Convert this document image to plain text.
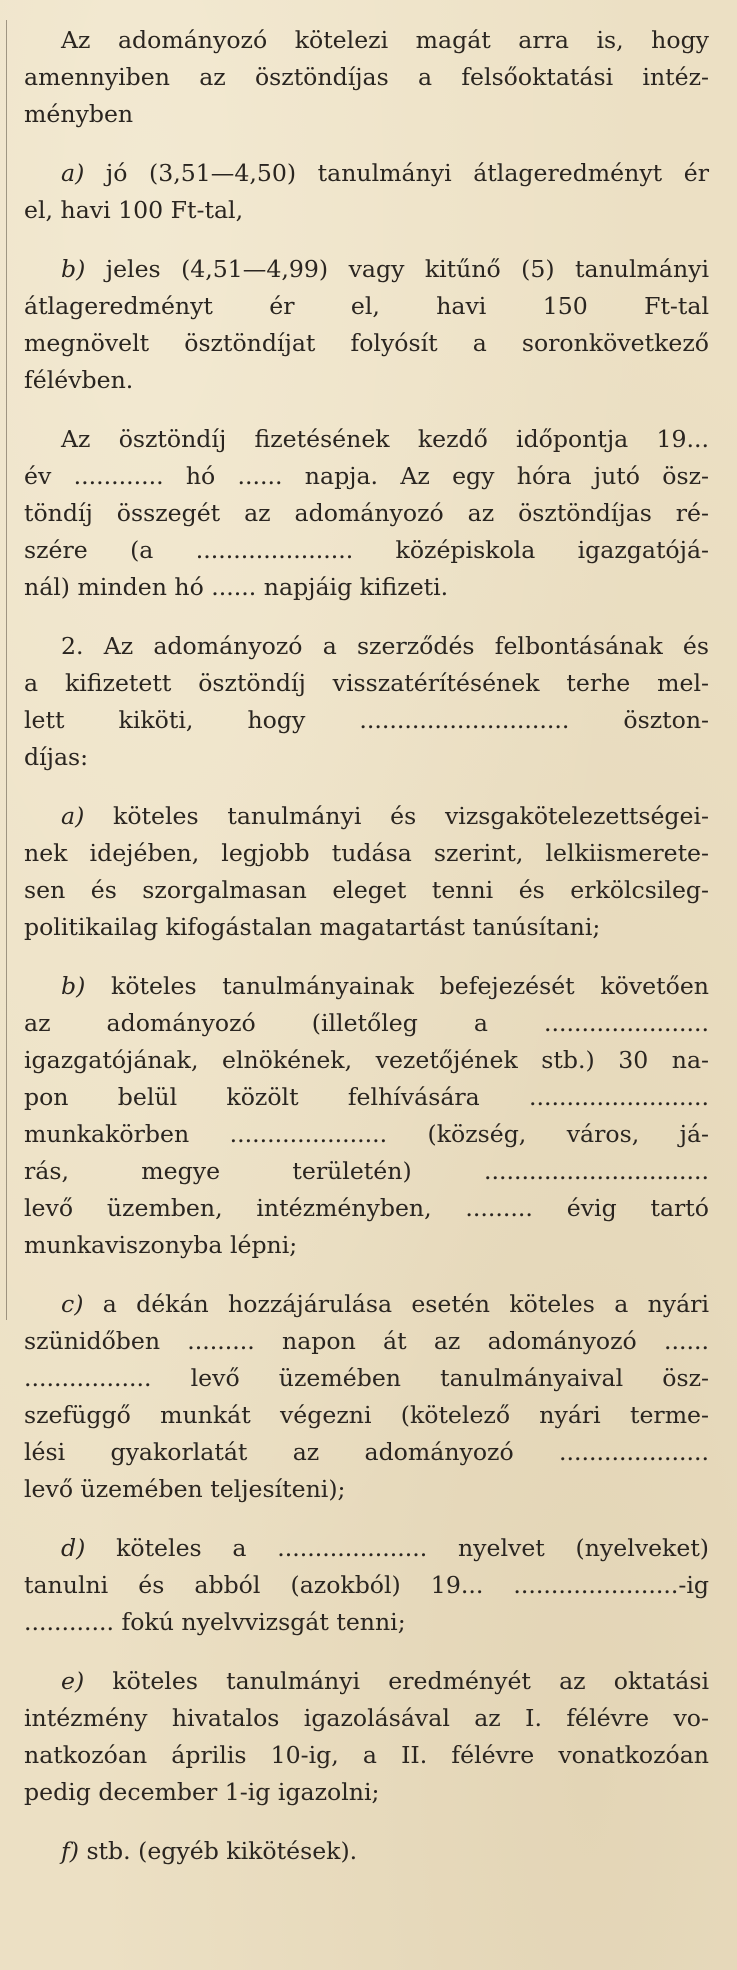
Az adományozó kötelezi magát arra is, hogy
amennyiben az ösztöndíjas a felsőoktatási intéz-
ményben
a) jó (3,51—4,50) tanulmányi átlageredményt ér
el, havi 100 Ft-tal,
b) jeles (4,51—4,99) vagy kitűnő (5) tanulmányi
átlageredményt ér el, havi 150 Ft-tal
megnövelt ösztöndíjat folyósít a soronkövetkező
félévben.
Az ösztöndíj fizetésének kezdő időpontja 19...
év ............ hó ...... napja. Az egy hóra jutó ösz-
töndíj összegét az adományozó az ösztöndíjas ré-
szére (a ..................... középiskola igazgatójá-
nál) minden hó ...... napjáig kifizeti.
2. Az adományozó a szerződés felbontásának és
a kifizetett ösztöndíj visszatérítésének terhe mel-
lett kiköti, hogy ............................ öszton-
díjas:
a) köteles tanulmányi és vizsgakötelezettségei-
nek idejében, legjobb tudása szerint, lelkiismerete-
sen és szorgalmasan eleget tenni és erkölcsileg-
politikailag kifogástalan magatartást tanúsítani;
b) köteles tanulmányainak befejezését követően
az adományozó (illetőleg a ......................
igazgatójának, elnökének, vezetőjének stb.) 30 na-
pon belül közölt felhívására ........................
munkakörben ..................... (község, város, já-
rás, megye területén) ..............................
levő üzemben, intézményben, ......... évig tartó
munkaviszonyba lépni;
c) a dékán hozzájárulása esetén köteles a nyári
szünidőben ......... napon át az adományozó ......
................. levő üzemében tanulmányaival ösz-
szefüggő munkát végezni (kötelező nyári terme-
lési gyakorlatát az adományozó ....................
levő üzemében teljesíteni);
d) köteles a .................... nyelvet (nyelveket)
tanulni és abból (azokból) 19... ......................-ig
............ fokú nyelvvizsgát tenni;
e) köteles tanulmányi eredményét az oktatási
intézmény hivatalos igazolásával az I. félévre vo-
natkozóan április 10-ig, a II. félévre vonatkozóan
pedig december 1-ig igazolni;
f) stb. (egyéb kikötések).
